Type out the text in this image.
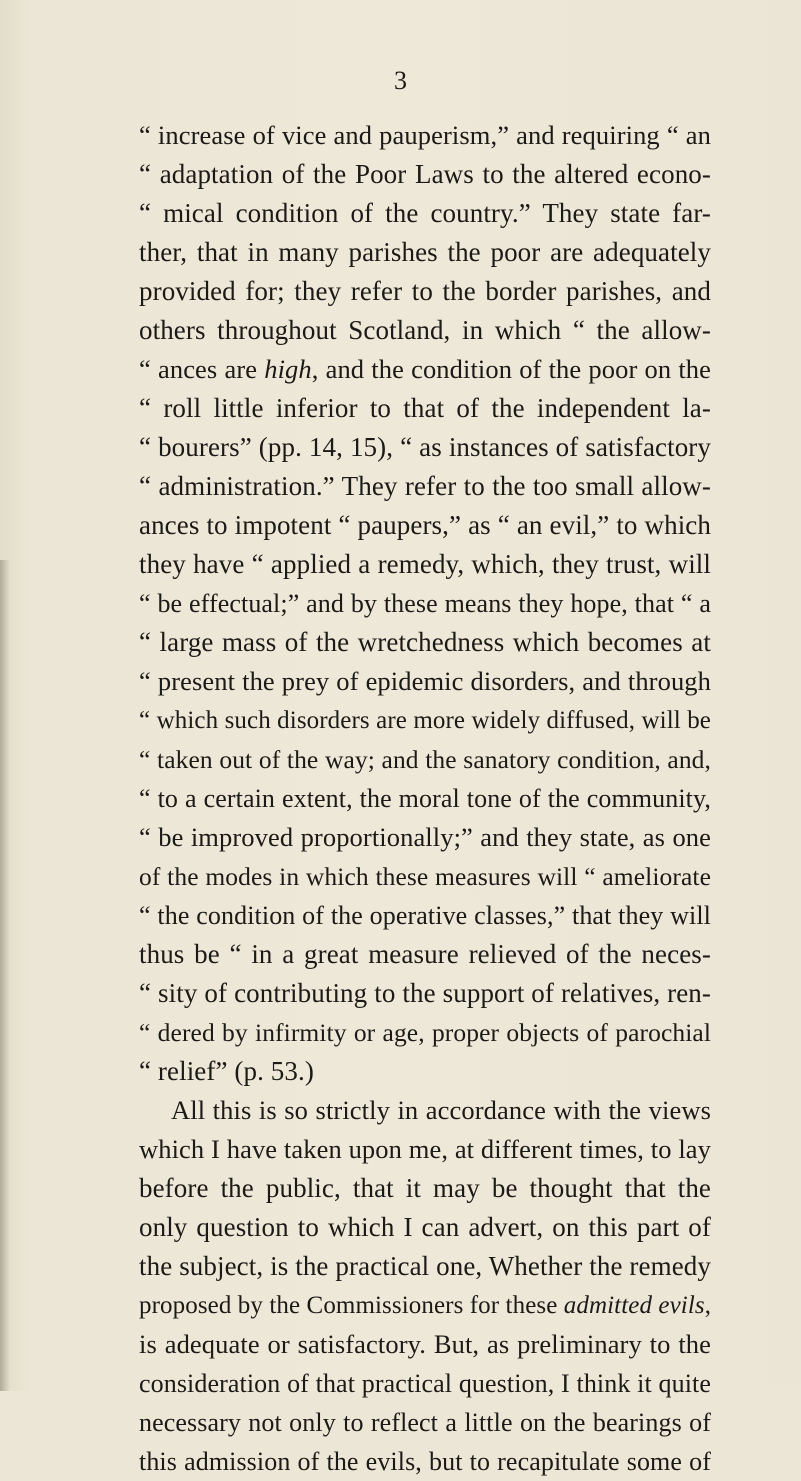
3
“ increase of vice and pauperism,” and requiring “ an
“ adaptation of the Poor Laws to the altered econo-
“ mical condition of the country.” They state far-
ther, that in many parishes the poor are adequately
provided for; they refer to the border parishes, and
others throughout Scotland, in which “ the allow-
“ ances are high, and the condition of the poor on the
“ roll little inferior to that of the independent la-
“ bourers” (pp. 14, 15), “ as instances of satisfactory
“ administration.” They refer to the too small allow-
ances to impotent “ paupers,” as “ an evil,” to which
they have “ applied a remedy, which, they trust, will
“ be effectual;” and by these means they hope, that “ a
“ large mass of the wretchedness which becomes at
“ present the prey of epidemic disorders, and through
“ which such disorders are more widely diffused, will be
“ taken out of the way; and the sanatory condition, and,
“ to a certain extent, the moral tone of the community,
“ be improved proportionally;” and they state, as one
of the modes in which these measures will “ ameliorate
“ the condition of the operative classes,” that they will
thus be “ in a great measure relieved of the neces-
“ sity of contributing to the support of relatives, ren-
“ dered by infirmity or age, proper objects of parochial
“ relief” (p. 53.)
All this is so strictly in accordance with the views
which I have taken upon me, at different times, to lay
before the public, that it may be thought that the
only question to which I can advert, on this part of
the subject, is the practical one, Whether the remedy
proposed by the Commissioners for these admitted evils,
is adequate or satisfactory. But, as preliminary to the
consideration of that practical question, I think it quite
necessary not only to reflect a little on the bearings of
this admission of the evils, but to recapitulate some of
